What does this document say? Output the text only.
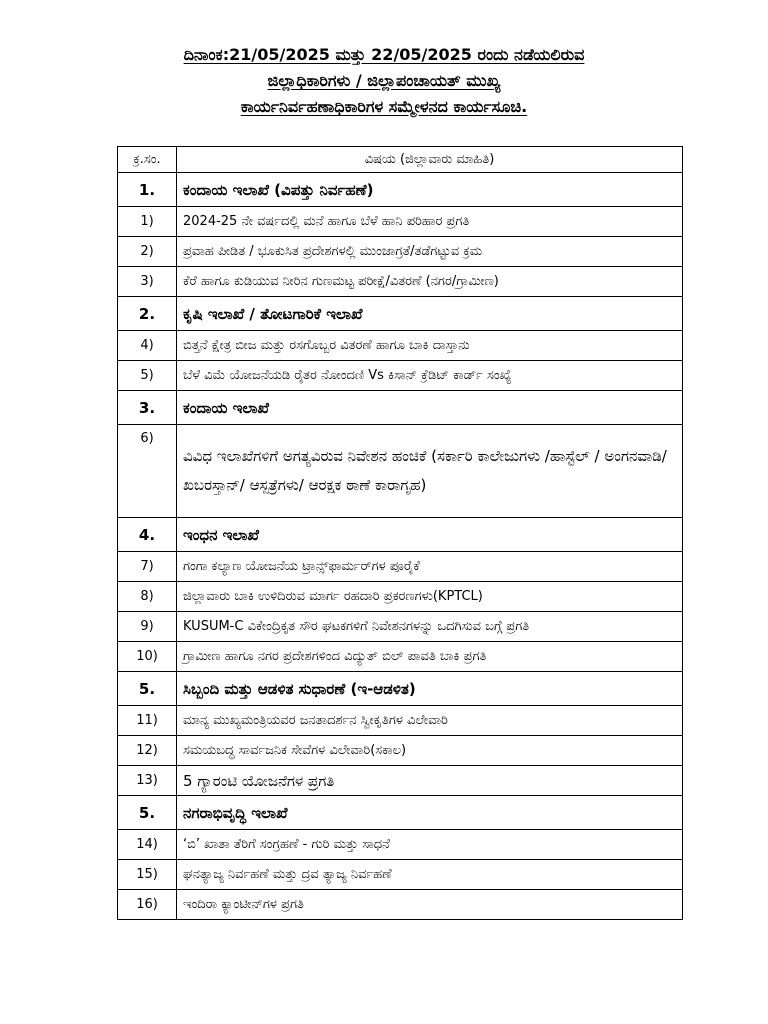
ದಿನಾಂಕ:21/05/2025 ಮತ್ತು 22/05/2025 ರಂದು ನಡೆಯಲಿರುವ
ಜಿಲ್ಲಾಧಿಕಾರಿಗಳು / ಜಿಲ್ಲಾಪಂಚಾಯತ್ ಮುಖ್ಯ
ಕಾರ್ಯನಿರ್ವಹಣಾಧಿಕಾರಿಗಳ ಸಮ್ಮೇಳನದ ಕಾರ್ಯಸೂಚಿ.
ಕ್ರ.ಸಂ.	ವಿಷಯ (ಜಿಲ್ಲಾವಾರು ಮಾಹಿತಿ)
1.	ಕಂದಾಯ ಇಲಾಖೆ (ವಿಪತ್ತು ನಿರ್ವಹಣೆ)
1)	2024-25 ನೇ ವರ್ಷದಲ್ಲಿ ಮನೆ ಹಾಗೂ ಬೆಳೆ ಹಾನಿ ಪರಿಹಾರ ಪ್ರಗತಿ
2)	ಪ್ರವಾಹ ಪೀಡಿತ / ಭೂಕುಸಿತ ಪ್ರದೇಶಗಳಲ್ಲಿ ಮುಂಜಾಗ್ರತೆ/ತಡೆಗಟ್ಟುವ ಕ್ರಮ
3)	ಕೆರೆ ಹಾಗೂ ಕುಡಿಯುವ ನೀರಿನ ಗುಣಮಟ್ಟ ಪರೀಕ್ಷೆ/ವಿತರಣೆ (ನಗರ/ಗ್ರಾಮೀಣ)
2.	ಕೃಷಿ ಇಲಾಖೆ / ತೋಟಗಾರಿಕೆ ಇಲಾಖೆ
4)	ಬಿತ್ತನೆ ಕ್ಷೇತ್ರ ಬೀಜ ಮತ್ತು ರಸಗೊಬ್ಬರ ವಿತರಣೆ ಹಾಗೂ ಬಾಕಿ ದಾಸ್ತಾನು
5)	ಬೆಳೆ ವಿಮೆ ಯೋಜನೆಯಡಿ ರೈತರ ನೋಂದಣಿ Vs ಕಿಸಾನ್ ಕ್ರೆಡಿಟ್ ಕಾರ್ಡ್ ಸಂಖ್ಯೆ
3.	ಕಂದಾಯ ಇಲಾಖೆ
6)	ವಿವಿಧ ಇಲಾಖೆಗಳಿಗೆ ಅಗತ್ಯವಿರುವ ನಿವೇಶನ ಹಂಚಿಕೆ (ಸರ್ಕಾರಿ ಕಾಲೇಜುಗಳು /ಹಾಸ್ಟೆಲ್ / ಅಂಗನವಾಡಿ/ ಖಬರಸ್ತಾನ್/ ಆಸ್ಪತ್ರೆಗಳು/ ಆರಕ್ಷಕ ಠಾಣೆ ಕಾರಾಗೃಹ)
4.	ಇಂಧನ ಇಲಾಖೆ
7)	ಗಂಗಾ ಕಲ್ಯಾಣ ಯೋಜನೆಯ ಟ್ರಾನ್ಸ್‌ಫಾರ್ಮರ್‌ಗಳ ಪೂರೈಕೆ
8)	ಜಿಲ್ಲಾವಾರು ಬಾಕಿ ಉಳಿದಿರುವ ಮಾರ್ಗ ರಹದಾರಿ ಪ್ರಕರಣಗಳು(KPTCL)
9)	KUSUM-C ವಿಕೇಂದ್ರಿಕೃತ ಸೌರ ಘಟಕಗಳಿಗೆ ನಿವೇಶನಗಳನ್ನು ಒದಗಿಸುವ ಬಗ್ಗೆ ಪ್ರಗತಿ
10)	ಗ್ರಾಮೀಣ ಹಾಗೂ ನಗರ ಪ್ರದೇಶಗಳಿಂದ ವಿದ್ಯುತ್ ಬಿಲ್ ಪಾವತಿ ಬಾಕಿ ಪ್ರಗತಿ
5.	ಸಿಬ್ಬಂದಿ ಮತ್ತು ಆಡಳಿತ ಸುಧಾರಣೆ (ಇ-ಆಡಳಿತ)
11)	ಮಾನ್ಯ ಮುಖ್ಯಮಂತ್ರಿಯವರ ಜನತಾದರ್ಶನ ಸ್ವೀಕೃತಿಗಳ ವಿಲೇವಾರಿ
12)	ಸಮಯಬದ್ಧ ಸಾರ್ವಜನಿಕ ಸೇವೆಗಳ ವಿಲೇವಾರಿ(ಸಕಾಲ)
13)	5 ಗ್ಯಾರಂಟಿ ಯೋಜನೆಗಳ ಪ್ರಗತಿ
5.	ನಗರಾಭಿವೃದ್ಧಿ ಇಲಾಖೆ
14)	‘ಬಿ’ ಖಾತಾ ತೆರಿಗೆ ಸಂಗ್ರಹಣೆ - ಗುರಿ ಮತ್ತು ಸಾಧನೆ
15)	ಘನತ್ಯಾಜ್ಯ ನಿರ್ವಹಣೆ ಮತ್ತು ದ್ರವ ತ್ಯಾಜ್ಯ ನಿರ್ವಹಣೆ
16)	ಇಂದಿರಾ ಕ್ಯಾಂಟೀನ್‌ಗಳ ಪ್ರಗತಿ
